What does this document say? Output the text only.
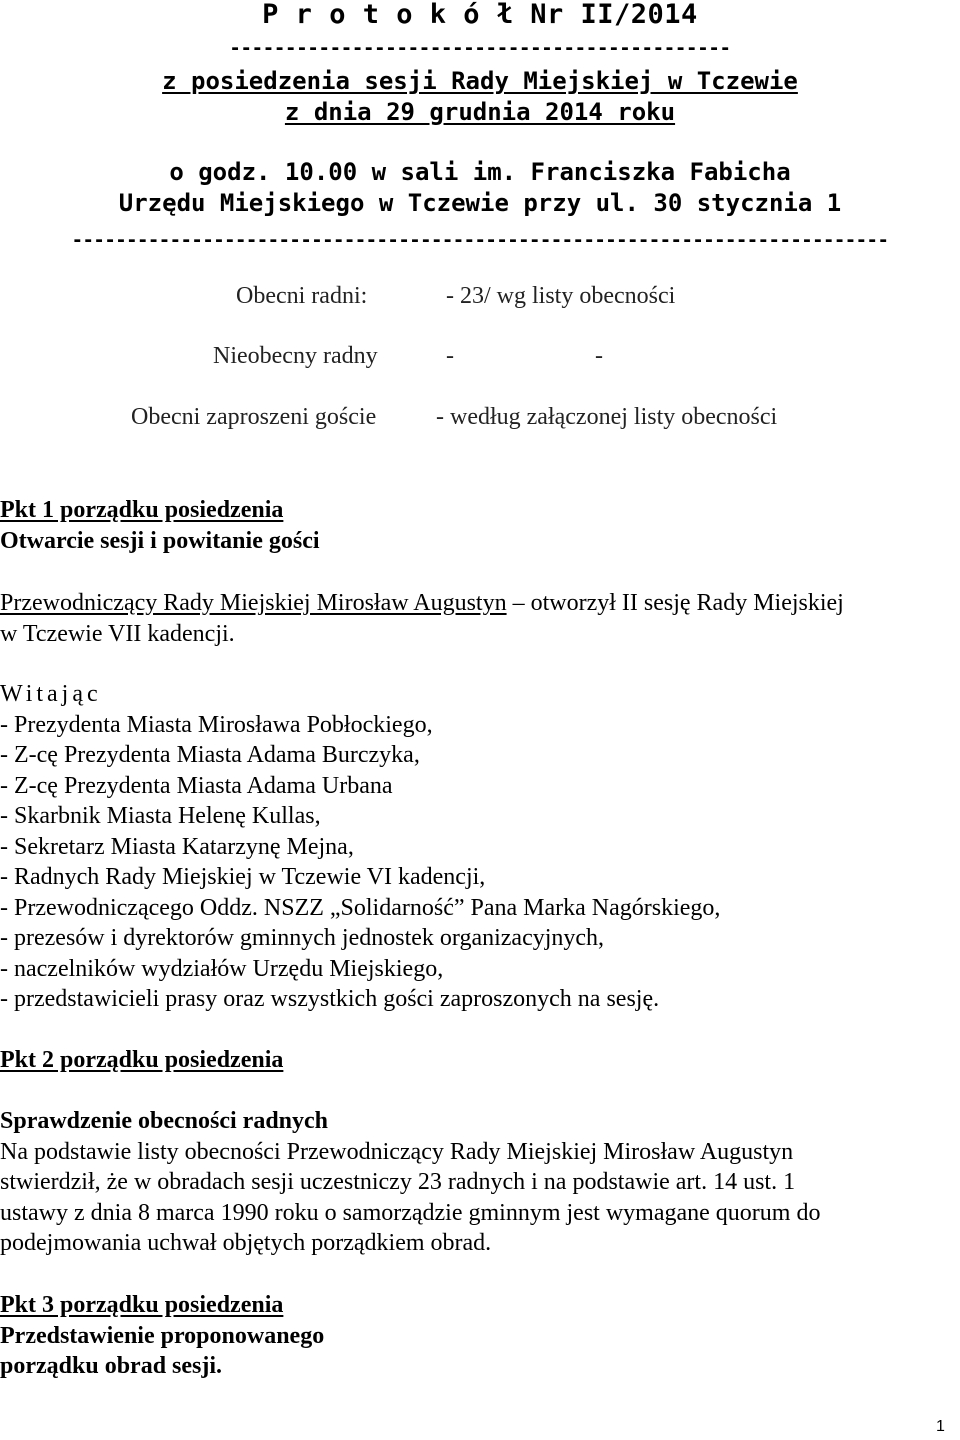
P r o t o k ó ł Nr II/2014
---------------------------------------------
z posiedzenia sesji Rady Miejskiej w Tczewie
z dnia 29 grudnia 2014 roku
o godz. 10.00 w sali im. Franciszka Fabicha
Urzędu Miejskiego w Tczewie przy ul. 30 stycznia 1
---------------------------------------------------------------------------
Obecni radni:	- 23/ wg listy obecności
Nieobecny radny	-	-
Obecni zaproszeni goście - według załączonej listy obecności
Pkt 1 porządku posiedzenia
Otwarcie sesji i powitanie gości
Przewodniczący Rady Miejskiej Mirosław Augustyn – otworzył II sesję Rady Miejskiej
w Tczewie VII kadencji.
Witając
- Prezydenta Miasta Mirosława Pobłockiego,
- Z-cę Prezydenta Miasta Adama Burczyka,
- Z-cę Prezydenta Miasta Adama Urbana
- Skarbnik Miasta Helenę Kullas,
- Sekretarz Miasta Katarzynę Mejna,
- Radnych Rady Miejskiej w Tczewie VI kadencji,
- Przewodniczącego Oddz. NSZZ „Solidarność” Pana Marka Nagórskiego,
- prezesów i dyrektorów gminnych jednostek organizacyjnych,
- naczelników wydziałów Urzędu Miejskiego,
- przedstawicieli prasy oraz wszystkich gości zaproszonych na sesję.
Pkt 2 porządku posiedzenia
Sprawdzenie obecności radnych
Na podstawie listy obecności Przewodniczący Rady Miejskiej Mirosław Augustyn
stwierdził, że w obradach sesji uczestniczy 23 radnych i na podstawie art. 14 ust. 1
ustawy z dnia 8 marca 1990 roku o samorządzie gminnym jest wymagane quorum do
podejmowania uchwał objętych porządkiem obrad.
Pkt 3 porządku posiedzenia
Przedstawienie proponowanego
porządku obrad sesji.
1
